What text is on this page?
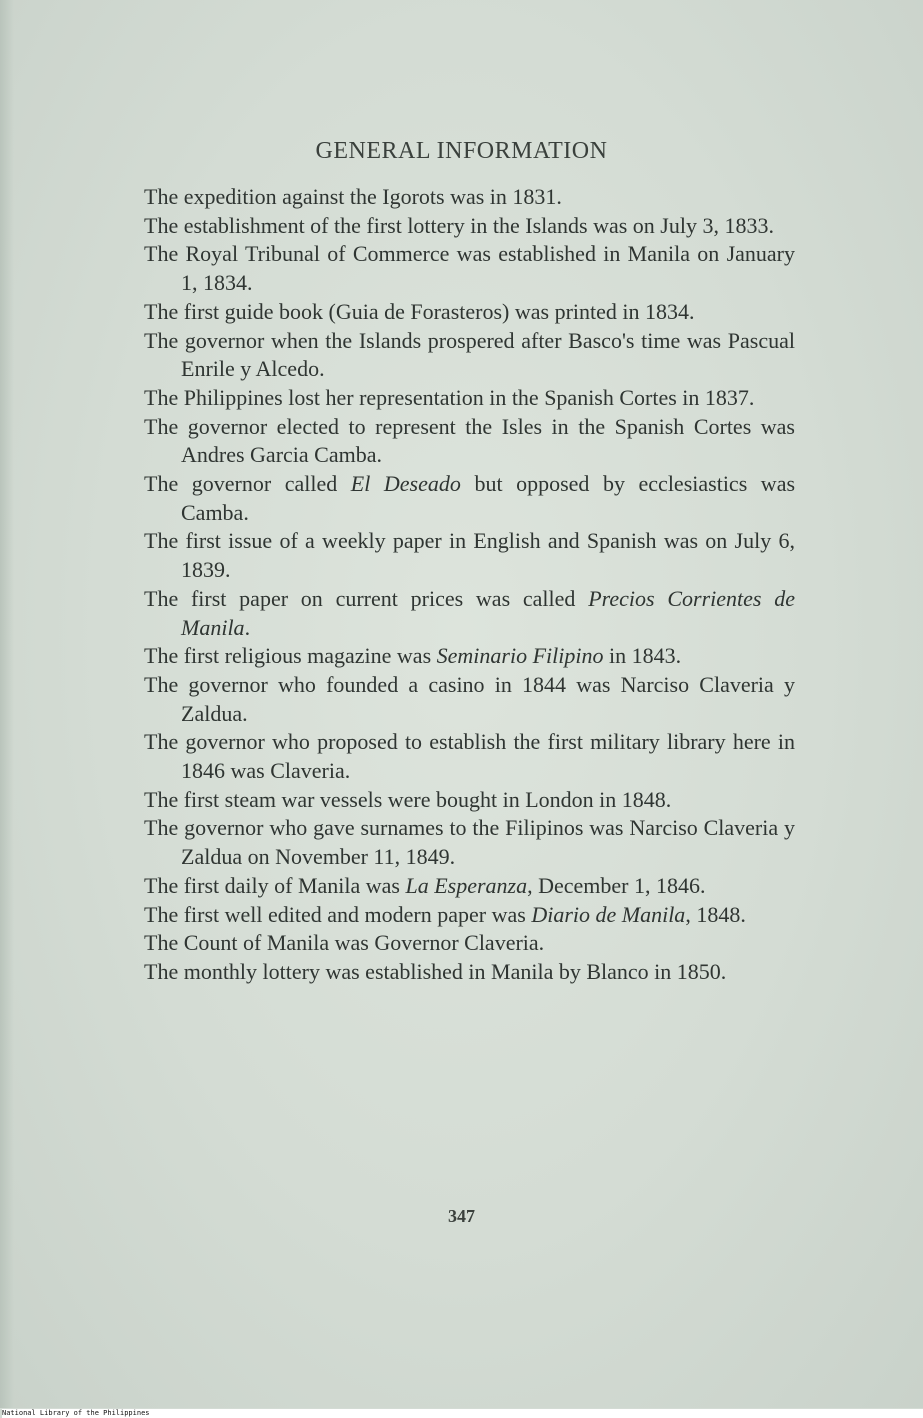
GENERAL INFORMATION
The expedition against the Igorots was in 1831.
The establishment of the first lottery in the Islands was on July 3, 1833.
The Royal Tribunal of Commerce was established in Manila on January 1, 1834.
The first guide book (Guia de Forasteros) was printed in 1834.
The governor when the Islands prospered after Basco's time was Pascual Enrile y Alcedo.
The Philippines lost her representation in the Spanish Cortes in 1837.
The governor elected to represent the Isles in the Spanish Cortes was Andres Garcia Camba.
The governor called El Deseado but opposed by ecclesiastics was Camba.
The first issue of a weekly paper in English and Spanish was on July 6, 1839.
The first paper on current prices was called Precios Corrientes de Manila.
The first religious magazine was Seminario Filipino in 1843.
The governor who founded a casino in 1844 was Narciso Claveria y Zaldua.
The governor who proposed to establish the first military library here in 1846 was Claveria.
The first steam war vessels were bought in London in 1848.
The governor who gave surnames to the Filipinos was Narciso Claveria y Zaldua on November 11, 1849.
The first daily of Manila was La Esperanza, December 1, 1846.
The first well edited and modern paper was Diario de Manila, 1848.
The Count of Manila was Governor Claveria.
The monthly lottery was established in Manila by Blanco in 1850.
347
National Library of the Philippines
